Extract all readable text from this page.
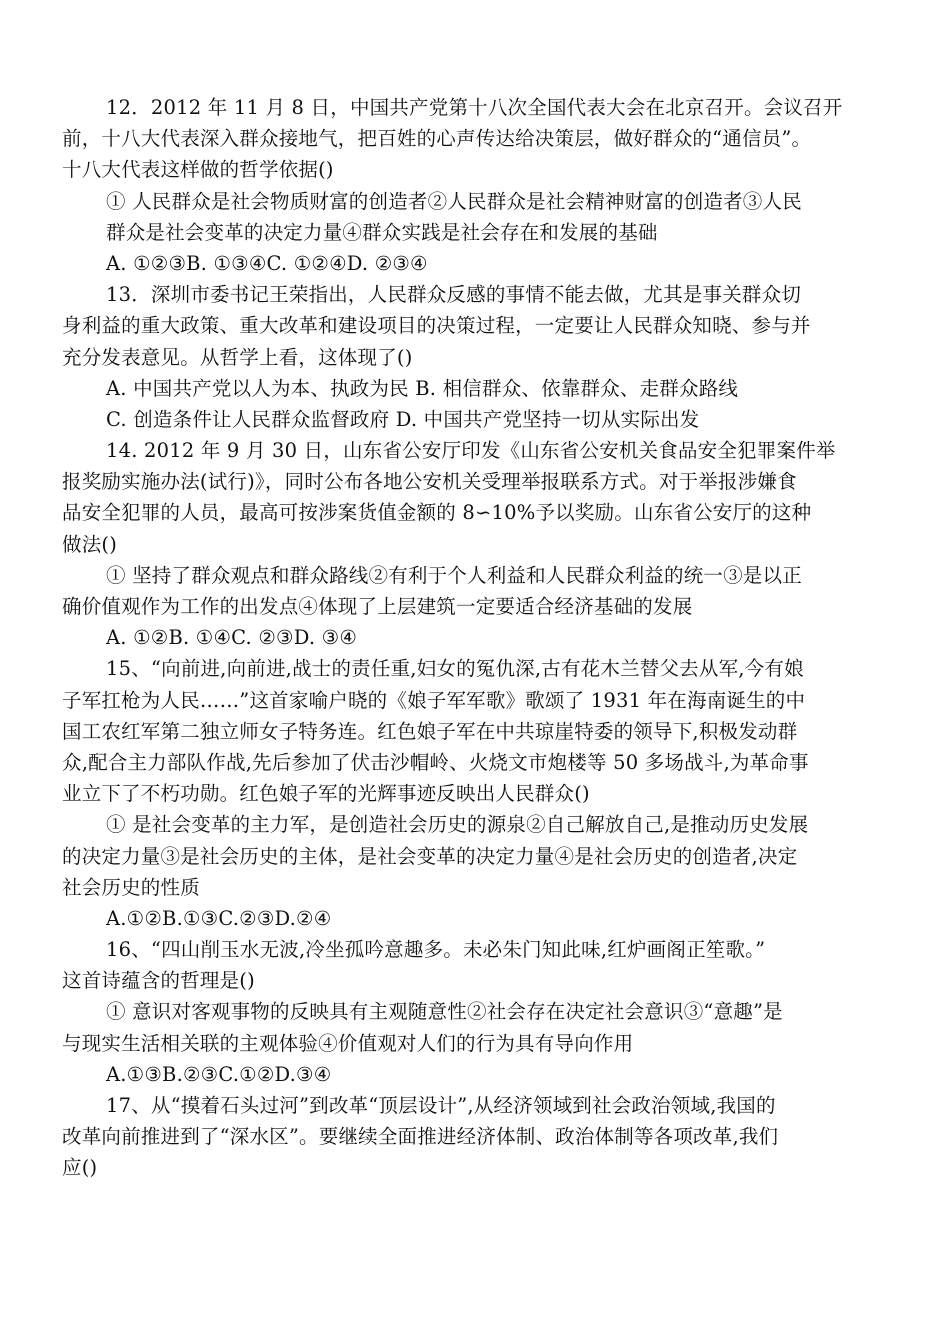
12．2012 年 11 月 8 日，中国共产党第十八次全国代表大会在北京召开。会议召开
前，十八大代表深入群众接地气，把百姓的心声传达给决策层，做好群众的“通信员”。
十八大代表这样做的哲学依据()
① 人民群众是社会物质财富的创造者②人民群众是社会精神财富的创造者③人民
群众是社会变革的决定力量④群众实践是社会存在和发展的基础
A. ①②③B. ①③④C. ①②④D. ②③④
13．深圳市委书记王荣指出，人民群众反感的事情不能去做，尤其是事关群众切
身利益的重大政策、重大改革和建设项目的决策过程，一定要让人民群众知晓、参与并
充分发表意见。从哲学上看，这体现了()
A. 中国共产党以人为本、执政为民 B. 相信群众、依靠群众、走群众路线
C. 创造条件让人民群众监督政府 D. 中国共产党坚持一切从实际出发
14. 2012 年 9 月 30 日，山东省公安厅印发《山东省公安机关食品安全犯罪案件举
报奖励实施办法(试行)》，同时公布各地公安机关受理举报联系方式。对于举报涉嫌食
品安全犯罪的人员，最高可按涉案货值金额的 8∽10%予以奖励。山东省公安厅的这种
做法()
① 坚持了群众观点和群众路线②有利于个人利益和人民群众利益的统一③是以正
确价值观作为工作的出发点④体现了上层建筑一定要适合经济基础的发展
A. ①②B. ①④C. ②③D. ③④
15、“向前进,向前进,战士的责任重,妇女的冤仇深,古有花木兰替父去从军,今有娘
子军扛枪为人民……”这首家喻户晓的《娘子军军歌》歌颂了 1931 年在海南诞生的中
国工农红军第二独立师女子特务连。红色娘子军在中共琼崖特委的领导下,积极发动群
众,配合主力部队作战,先后参加了伏击沙帽岭、火烧文市炮楼等 50 多场战斗,为革命事
业立下了不朽功勋。红色娘子军的光辉事迹反映出人民群众()
① 是社会变革的主力军，是创造社会历史的源泉②自己解放自己,是推动历史发展
的决定力量③是社会历史的主体，是社会变革的决定力量④是社会历史的创造者,决定
社会历史的性质
A.①②B.①③C.②③D.②④
16、“四山削玉水无波,冷坐孤吟意趣多。未必朱门知此味,红炉画阁正笙歌。”
这首诗蕴含的哲理是()
① 意识对客观事物的反映具有主观随意性②社会存在决定社会意识③“意趣”是
与现实生活相关联的主观体验④价值观对人们的行为具有导向作用
A.①③B.②③C.①②D.③④
17、从“摸着石头过河”到改革“顶层设计”,从经济领域到社会政治领域,我国的
改革向前推进到了“深水区”。要继续全面推进经济体制、政治体制等各项改革,我们
应()
